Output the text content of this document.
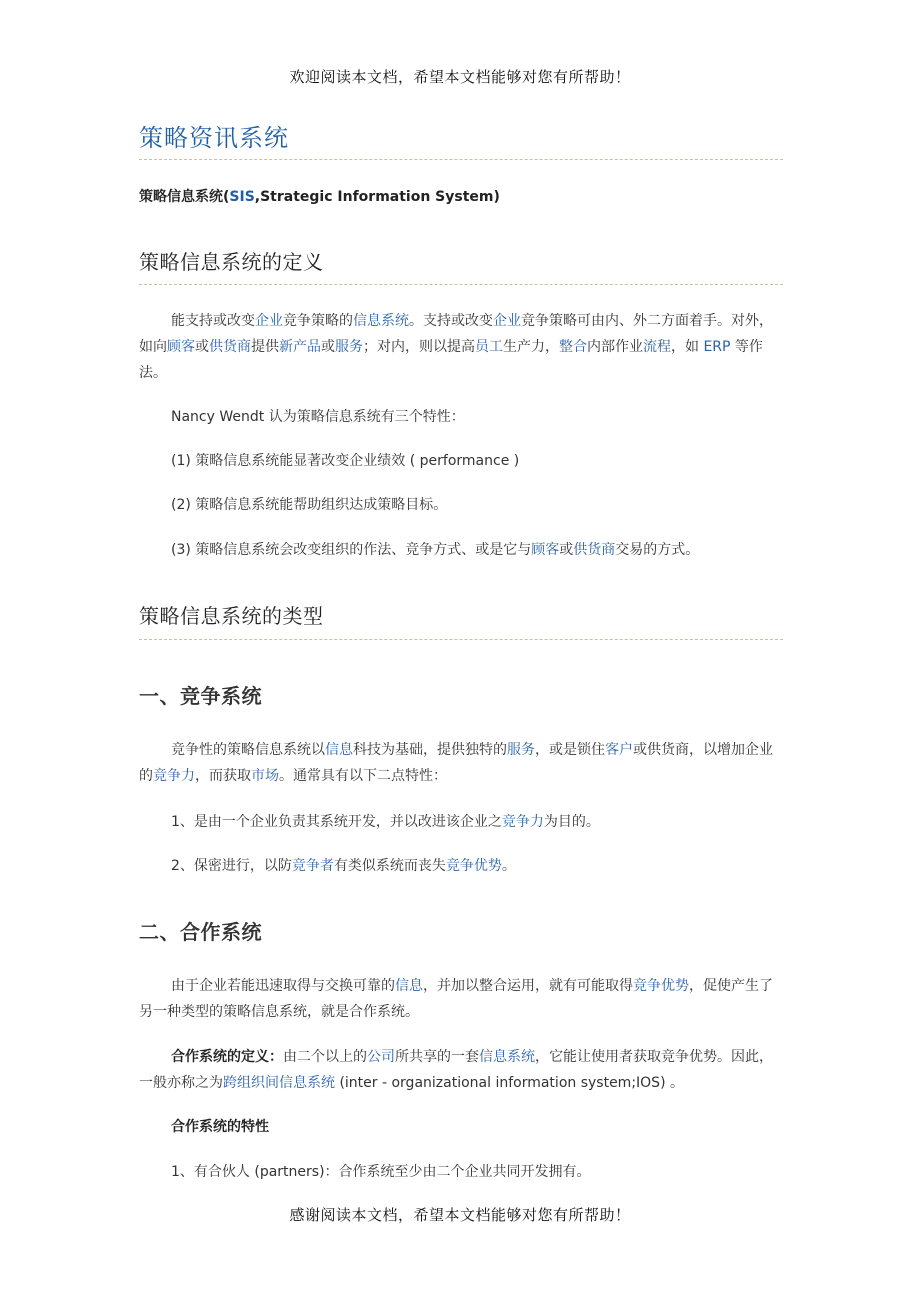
欢迎阅读本文档，希望本文档能够对您有所帮助！
策略资讯系统

策略信息系统(SIS,Strategic Information System)

策略信息系统的定义

能支持或改变企业竞争策略的信息系统。支持或改变企业竞争策略可由内、外二方面着手。对外，如向顾客或供货商提供新产品或服务；对内，则以提高员工生产力，整合内部作业流程，如 ERP 等作法。

Nancy Wendt 认为策略信息系统有三个特性：

(1) 策略信息系统能显著改变企业绩效 ( performance )

(2) 策略信息系统能帮助组织达成策略目标。

(3) 策略信息系统会改变组织的作法、竞争方式、或是它与顾客或供货商交易的方式。

策略信息系统的类型
一、竞争系统

竞争性的策略信息系统以信息科技为基础，提供独特的服务，或是锁住客户或供货商，以增加企业的竞争力，而获取市场。通常具有以下二点特性：

1、是由一个企业负责其系统开发，并以改进该企业之竞争力为目的。

2、保密进行，以防竞争者有类似系统而丧失竞争优势。

二、合作系统

由于企业若能迅速取得与交换可靠的信息，并加以整合运用，就有可能取得竞争优势，促使产生了另一种类型的策略信息系统，就是合作系统。

合作系统的定义：由二个以上的公司所共享的一套信息系统，它能让使用者获取竞争优势。因此，一般亦称之为跨组织间信息系统 (inter - organizational information system;IOS) 。

合作系统的特性

1、有合伙人 (partners)：合作系统至少由二个企业共同开发拥有。

感谢阅读本文档，希望本文档能够对您有所帮助！
